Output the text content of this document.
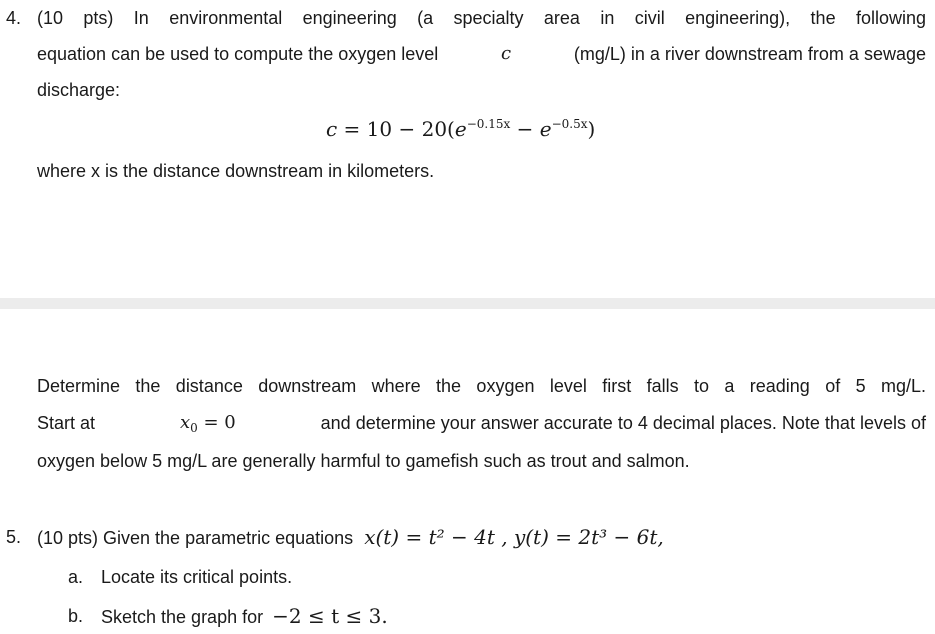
4. (10 pts) In environmental engineering (a specialty area in civil engineering), the following
equation can be used to compute the oxygen level	c	(mg/L) in a river downstream from a sewage
discharge:
$c = 10 - 20(e^{-0.15x} - e^{-0.5x})$
where x is the distance downstream in kilometers.
Determine the distance downstream where the oxygen level first falls to a reading of 5 mg/L.
Start at	$x_0 = 0$	and determine your answer accurate to 4 decimal places. Note that levels of
oxygen below 5 mg/L are generally harmful to gamefish such as trout and salmon.
5. (10 pts) Given the parametric equations x(t) = t² − 4t , y(t) = 2t³ − 6t,
a. Locate its critical points.
b. Sketch the graph for −2 ≤ t ≤ 3.
